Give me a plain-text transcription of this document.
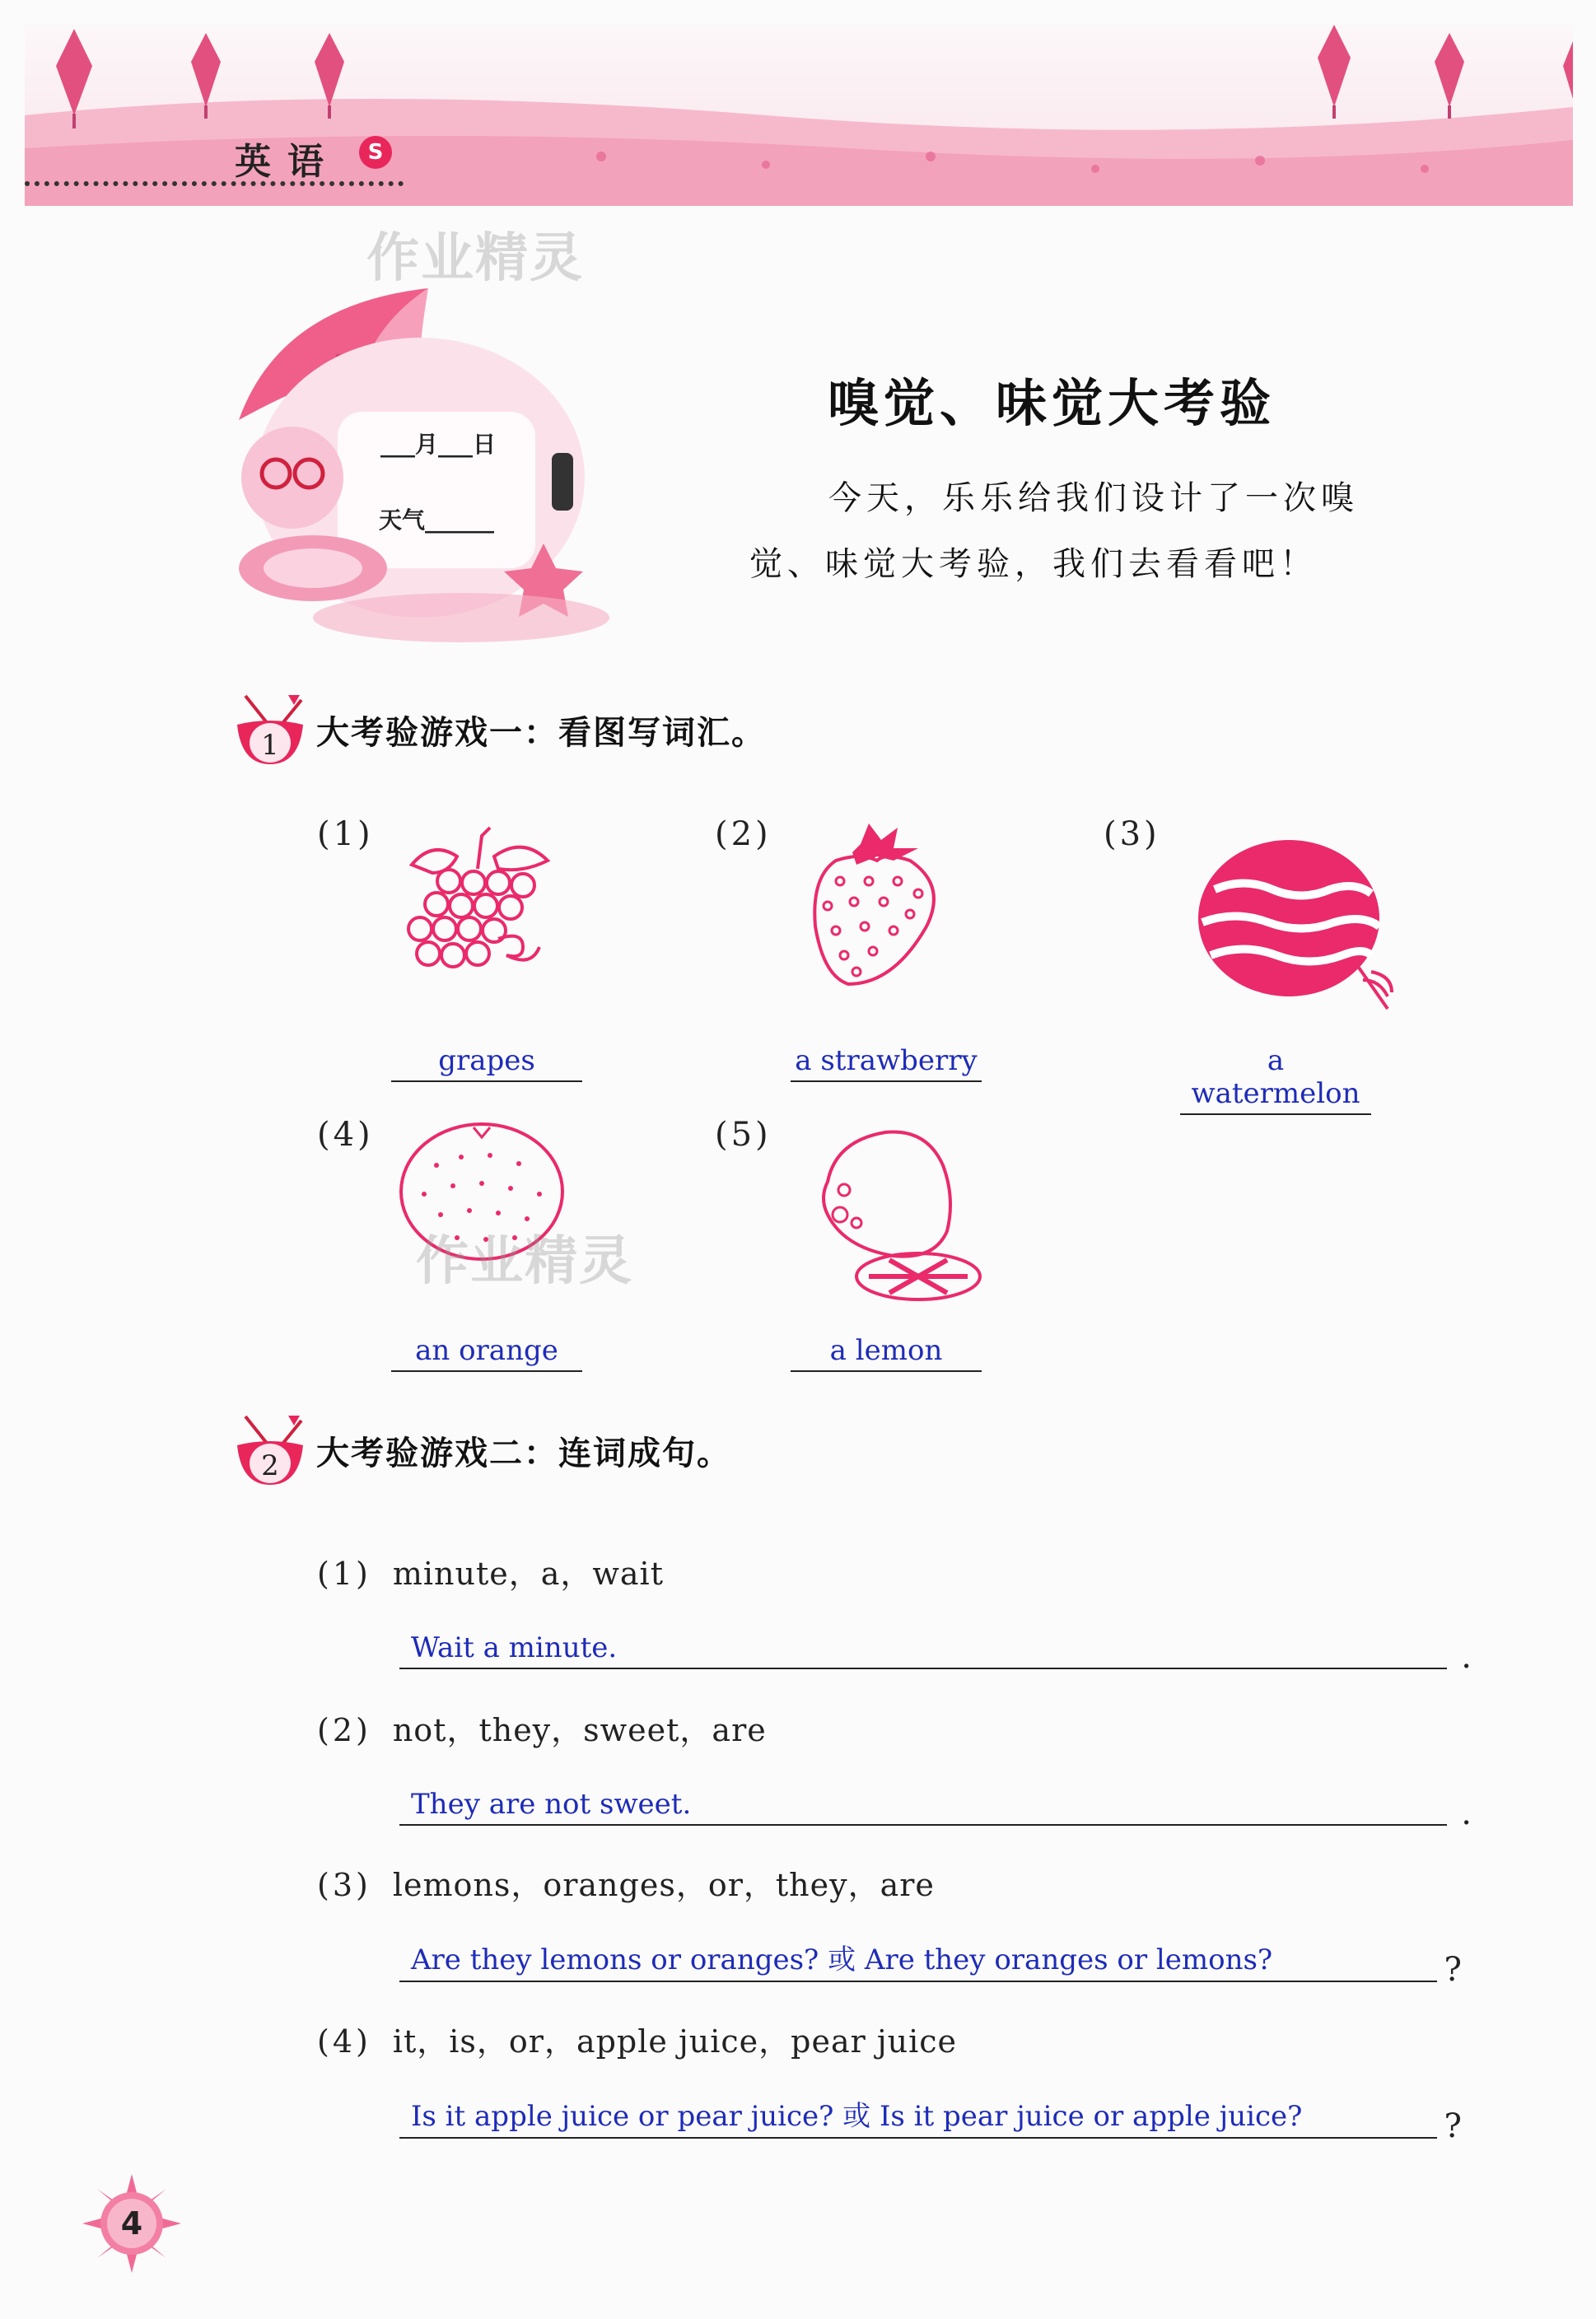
英语	S
作业精灵
___月___日
天气______
嗅觉、味觉大考验
今天，乐乐给我们设计了一次嗅觉、味觉大考验，我们去看看吧！
1 大考验游戏一：看图写词汇。
(1)
grapes
(2)
a strawberry
(3)
a watermelon
(4)
作业精灵
an orange
(5)
a lemon
2 大考验游戏二：连词成句。
(1) minute，a，wait
Wait a minute.	.
(2) not，they，sweet，are
They are not sweet.	.
(3) lemons，oranges，or，they，are
Are they lemons or oranges? 或 Are they oranges or lemons?	?
(4) it，is，or，apple juice，pear juice
Is it apple juice or pear juice? 或 Is it pear juice or apple juice?	?
4
